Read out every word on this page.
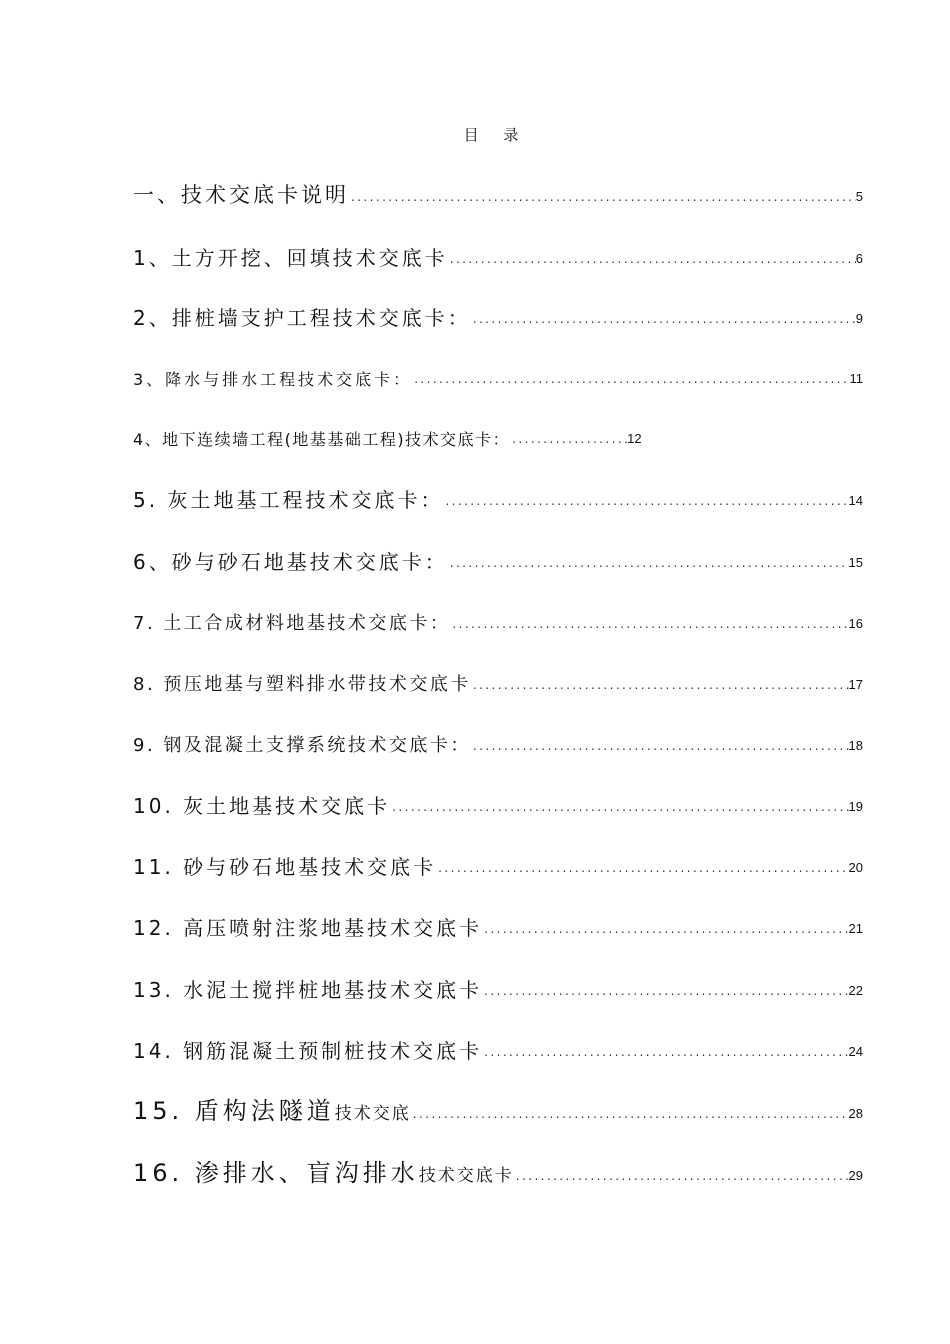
目 录
一、技术交底卡说明 .....	5
1、土方开挖、回填技术交底卡 .....	6
2、排桩墙支护工程技术交底卡： .....	9
3、降水与排水工程技术交底卡： .....	11
4、地下连续墙工程(地基基础工程)技术交底卡： .....	12
5. 灰土地基工程技术交底卡： .....	14
6、砂与砂石地基技术交底卡： .....	15
7. 土工合成材料地基技术交底卡： .....	16
8. 预压地基与塑料排水带技术交底卡 .....	17
9. 钢及混凝土支撑系统技术交底卡： .....	18
10. 灰土地基技术交底卡 .....	19
11. 砂与砂石地基技术交底卡 .....	20
12. 高压喷射注浆地基技术交底卡 .....	21
13. 水泥土搅拌桩地基技术交底卡 .....	22
14. 钢筋混凝土预制桩技术交底卡 .....	24
15. 盾构法隧道技术交底 .....	28
16. 渗排水、盲沟排水技术交底卡 .....	29
